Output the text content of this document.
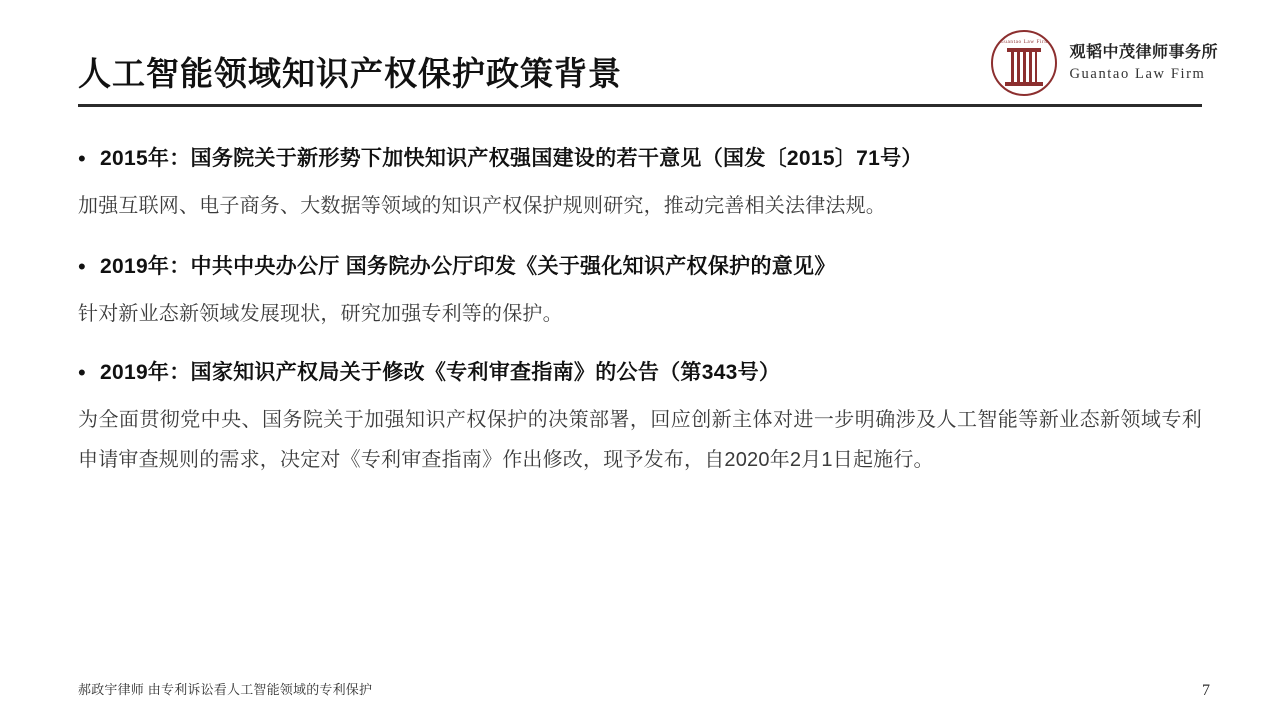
Guantao Law Firm
观韬中茂律师事务所
Guantao Law Firm
人工智能领域知识产权保护政策背景
• 2015年：国务院关于新形势下加快知识产权强国建设的若干意见（国发〔2015〕71号）
加强互联网、电子商务、大数据等领域的知识产权保护规则研究，推动完善相关法律法规。
• 2019年：中共中央办公厅 国务院办公厅印发《关于强化知识产权保护的意见》
针对新业态新领域发展现状，研究加强专利等的保护。
• 2019年：国家知识产权局关于修改《专利审查指南》的公告（第343号）
为全面贯彻党中央、国务院关于加强知识产权保护的决策部署，回应创新主体对进一步明确涉及人工智能等新业态新领域专利申请审查规则的需求，决定对《专利审查指南》作出修改，现予发布，自2020年2月1日起施行。
郝政宇律师 由专利诉讼看人工智能领域的专利保护	7
